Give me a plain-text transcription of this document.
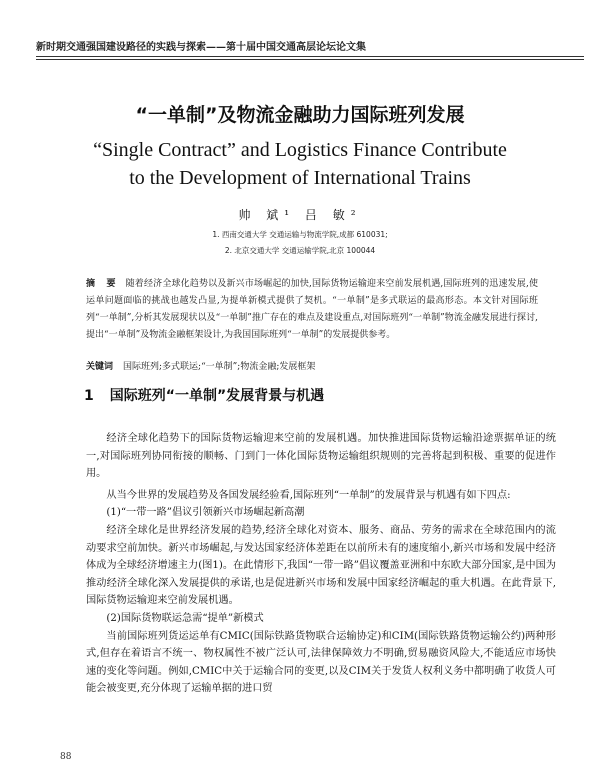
新时期交通强国建设路径的实践与探索——第十届中国交通高层论坛论文集
“一单制”及物流金融助力国际班列发展
“Single Contract” and Logistics Finance Contribute
to the Development of International Trains
帅 斌¹ 吕 敏²
1. 西南交通大学 交通运输与物流学院,成都 610031;
2. 北京交通大学 交通运输学院,北京 100044
摘 要 随着经济全球化趋势以及新兴市场崛起的加快,国际货物运输迎来空前发展机遇,国际班列的迅速发展,使运单问题面临的挑战也越发凸显,为提单新模式提供了契机。“一单制”是多式联运的最高形态。本文针对国际班列“一单制”,分析其发展现状以及“一单制”推广存在的难点及建设重点,对国际班列“一单制”物流金融发展进行探讨,提出“一单制”及物流金融框架设计,为我国国际班列“一单制”的发展提供参考。
关键词 国际班列;多式联运;“一单制”;物流金融;发展框架
1 国际班列“一单制”发展背景与机遇

经济全球化趋势下的国际货物运输迎来空前的发展机遇。加快推进国际货物运输沿途票据单证的统一,对国际班列协同衔接的顺畅、门到门一体化国际货物运输组织规则的完善将起到积极、重要的促进作用。

从当今世界的发展趋势及各国发展经验看,国际班列“一单制”的发展背景与机遇有如下四点:

(1)“一带一路”倡议引领新兴市场崛起新高潮

经济全球化是世界经济发展的趋势,经济全球化对资本、服务、商品、劳务的需求在全球范围内的流动要求空前加快。新兴市场崛起,与发达国家经济体差距在以前所未有的速度缩小,新兴市场和发展中经济体成为全球经济增速主力(图1)。在此情形下,我国“一带一路”倡议覆盖亚洲和中东欧大部分国家,是中国为推动经济全球化深入发展提供的承诺,也是促进新兴市场和发展中国家经济崛起的重大机遇。在此背景下,国际货物运输迎来空前发展机遇。

(2)国际货物联运急需“提单”新模式

当前国际班列货运运单有CMIC(国际铁路货物联合运输协定)和CIM(国际铁路货物运输公约)两种形式,但存在着语言不统一、物权属性不被广泛认可,法律保障效力不明确,贸易融资风险大,不能适应市场快速的变化等问题。例如,CMIC中关于运输合同的变更,以及CIM关于发货人权利义务中都明确了收货人可能会被变更,充分体现了运输单据的进口贸

88
